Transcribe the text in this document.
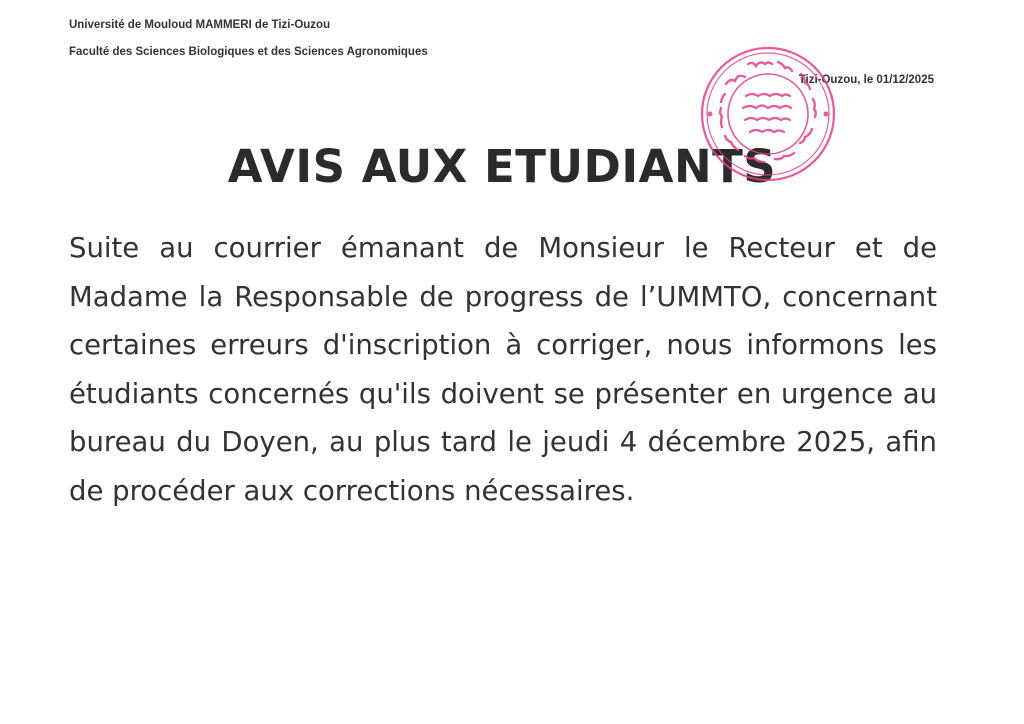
Université de Mouloud MAMMERI de Tizi-Ouzou
Faculté des Sciences Biologiques et des Sciences Agronomiques
Tizi-Ouzou, le 01/12/2025
AVIS AUX ETUDIANTS

Suite au courrier émanant de Monsieur le Recteur et de Madame la Responsable de progress de l’UMMTO, concernant certaines erreurs d'inscription à corriger, nous informons les étudiants concernés qu'ils doivent se présenter en urgence au bureau du Doyen, au plus tard le jeudi 4 décembre 2025, afin de procéder aux corrections nécessaires.
